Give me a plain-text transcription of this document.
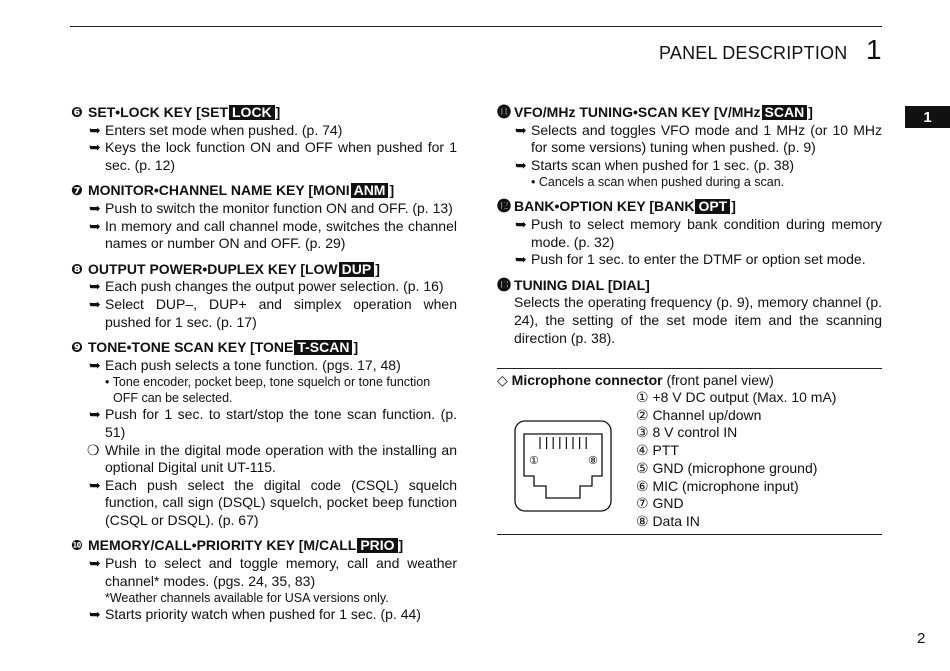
PANEL DESCRIPTION 1
1
❻ SET•LOCK KEY [SET LOCK ]
➥ Enters set mode when pushed. (p. 74)
➥ Keys the lock function ON and OFF when pushed for 1 sec. (p. 12)
❼ MONITOR•CHANNEL NAME KEY [MONI ANM ]
➥ Push to switch the monitor function ON and OFF. (p. 13)
➥ In memory and call channel mode, switches the channel names or number ON and OFF. (p. 29)
❽ OUTPUT POWER•DUPLEX KEY [LOW DUP ]
➥ Each push changes the output power selection. (p. 16)
➥ Select DUP–, DUP+ and simplex operation when pushed for 1 sec. (p. 17)
❾ TONE•TONE SCAN KEY [TONE T-SCAN ]
➥ Each push selects a tone function. (pgs. 17, 48)
• Tone encoder, pocket beep, tone squelch or tone function OFF can be selected.
➥ Push for 1 sec. to start/stop the tone scan function. (p. 51)
❍ While in the digital mode operation with the installing an optional Digital unit UT-115.
➥ Each push select the digital code (CSQL) squelch function, call sign (DSQL) squelch, pocket beep function (CSQL or DSQL). (p. 67)
❿ MEMORY/CALL•PRIORITY KEY [M/CALL PRIO ]
➥ Push to select and toggle memory, call and weather channel* modes. (pgs. 24, 35, 83)
*Weather channels available for USA versions only.
➥ Starts priority watch when pushed for 1 sec. (p. 44)
⓫ VFO/MHz TUNING•SCAN KEY [V/MHz SCAN ]
➥ Selects and toggles VFO mode and 1 MHz (or 10 MHz for some versions) tuning when pushed. (p. 9)
➥ Starts scan when pushed for 1 sec. (p. 38)
• Cancels a scan when pushed during a scan.
⓬ BANK•OPTION KEY [BANK OPT ]
➥ Push to select memory bank condition during memory mode. (p. 32)
➥ Push for 1 sec. to enter the DTMF or option set mode.
⓭ TUNING DIAL [DIAL]
Selects the operating frequency (p. 9), memory channel (p. 24), the setting of the set mode item and the scanning direction (p. 38).
◇ Microphone connector (front panel view)
① +8 V DC output (Max. 10 mA)
② Channel up/down
③ 8 V control IN
④ PTT
⑤ GND (microphone ground)
⑥ MIC (microphone input)
⑦ GND
⑧ Data IN
①	⑧
2
